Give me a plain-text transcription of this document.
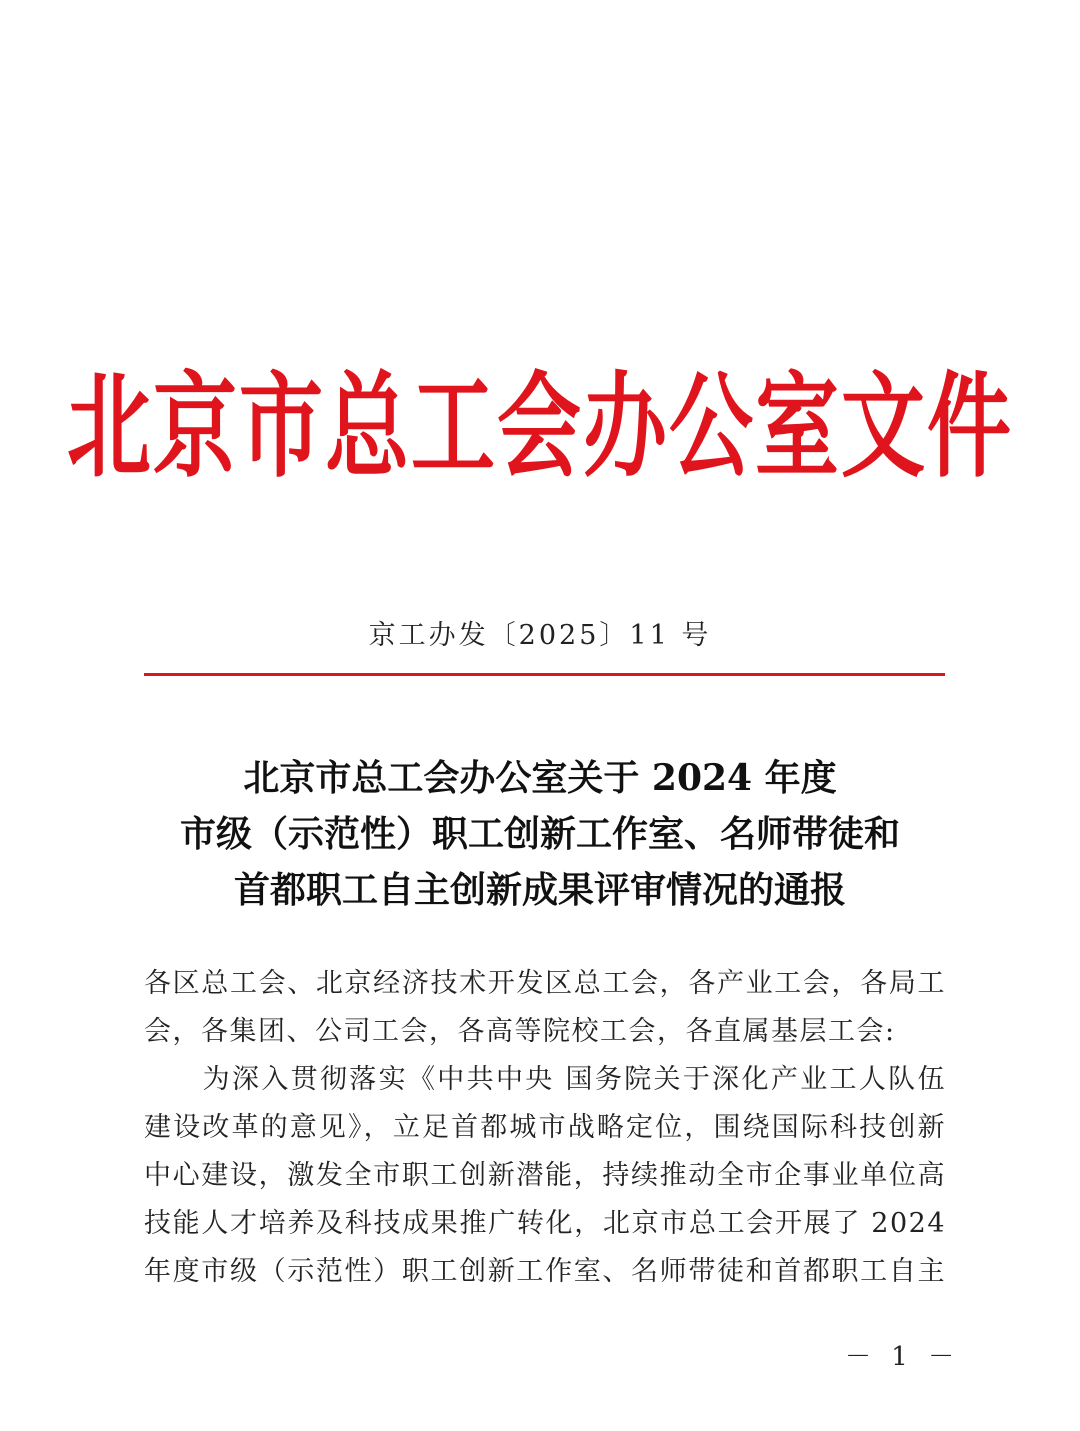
北京市总工会办公室文件
京工办发〔2025〕11 号
北京市总工会办公室关于 2024 年度
市级（示范性）职工创新工作室、名师带徒和
首都职工自主创新成果评审情况的通报
各区总工会、北京经济技术开发区总工会，各产业工会，各局工
会，各集团、公司工会，各高等院校工会，各直属基层工会:
　　为深入贯彻落实《中共中央 国务院关于深化产业工人队伍
建设改革的意见》，立足首都城市战略定位，围绕国际科技创新
中心建设，激发全市职工创新潜能，持续推动全市企事业单位高
技能人才培养及科技成果推广转化，北京市总工会开展了 2024
年度市级（示范性）职工创新工作室、名师带徒和首都职工自主
－ 1 －
